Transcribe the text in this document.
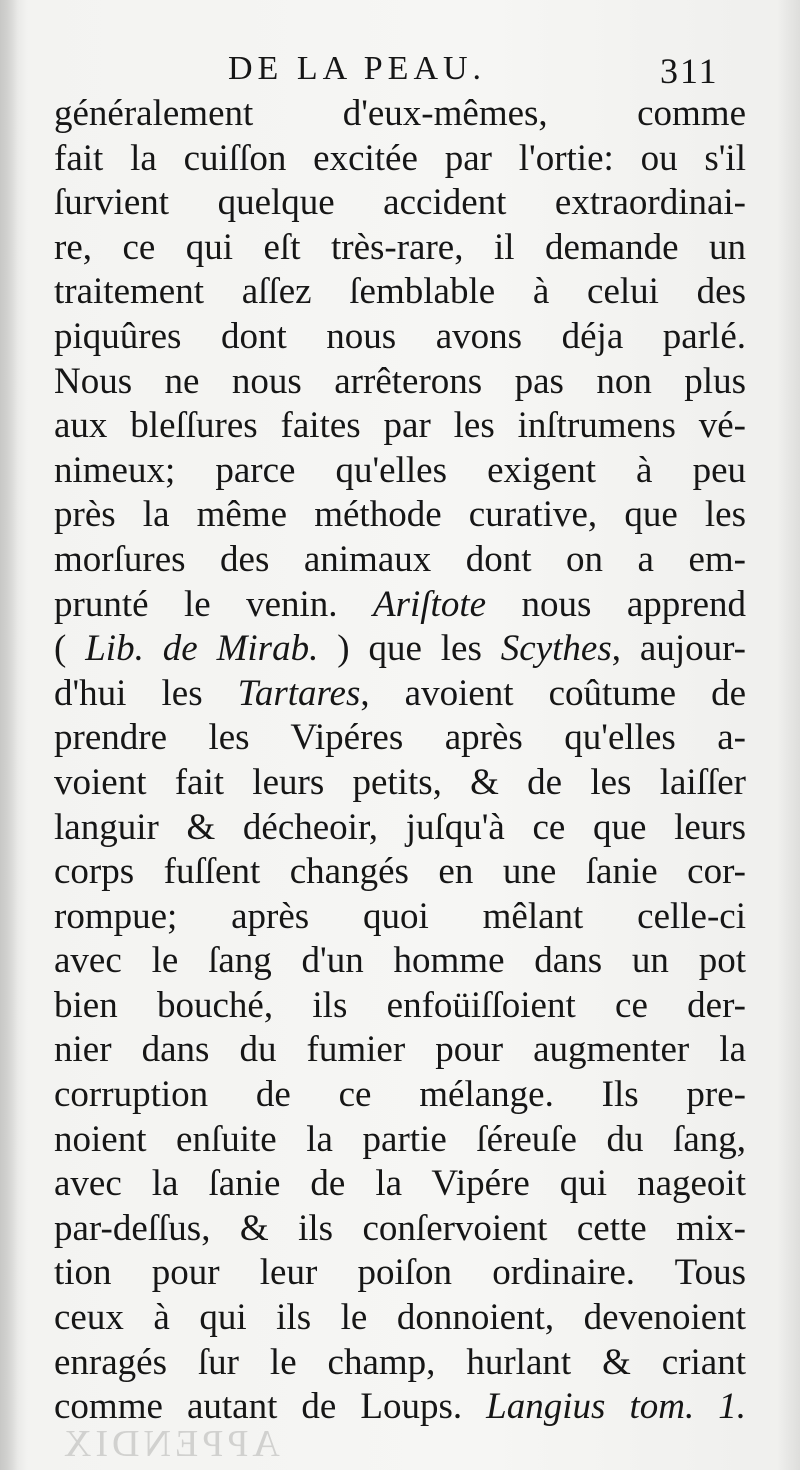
DE LA PEAU.	311
généralement d'eux-mêmes, comme
fait la cuiſſon excitée par l'ortie: ou s'il
ſurvient quelque accident extraordinai-
re, ce qui eſt très-rare, il demande un
traitement aſſez ſemblable à celui des
piquûres dont nous avons déja parlé.
Nous ne nous arrêterons pas non plus
aux bleſſures faites par les inſtrumens vé-
nimeux; parce qu'elles exigent à peu
près la même méthode curative, que les
morſures des animaux dont on a em-
prunté le venin. Ariſtote nous apprend
( Lib. de Mirab. ) que les Scythes, aujour-
d'hui les Tartares, avoient coûtume de
prendre les Vipéres après qu'elles a-
voient fait leurs petits, & de les laiſſer
languir & décheoir, juſqu'à ce que leurs
corps fuſſent changés en une ſanie cor-
rompue; après quoi mêlant celle-ci
avec le ſang d'un homme dans un pot
bien bouché, ils enfoüiſſoient ce der-
nier dans du fumier pour augmenter la
corruption de ce mélange. Ils pre-
noient enſuite la partie ſéreuſe du ſang,
avec la ſanie de la Vipére qui nageoit
par-deſſus, & ils conſervoient cette mix-
tion pour leur poiſon ordinaire. Tous
ceux à qui ils le donnoient, devenoient
enragés ſur le champ, hurlant & criant
comme autant de Loups. Langius tom. 1.
APPENDIX
